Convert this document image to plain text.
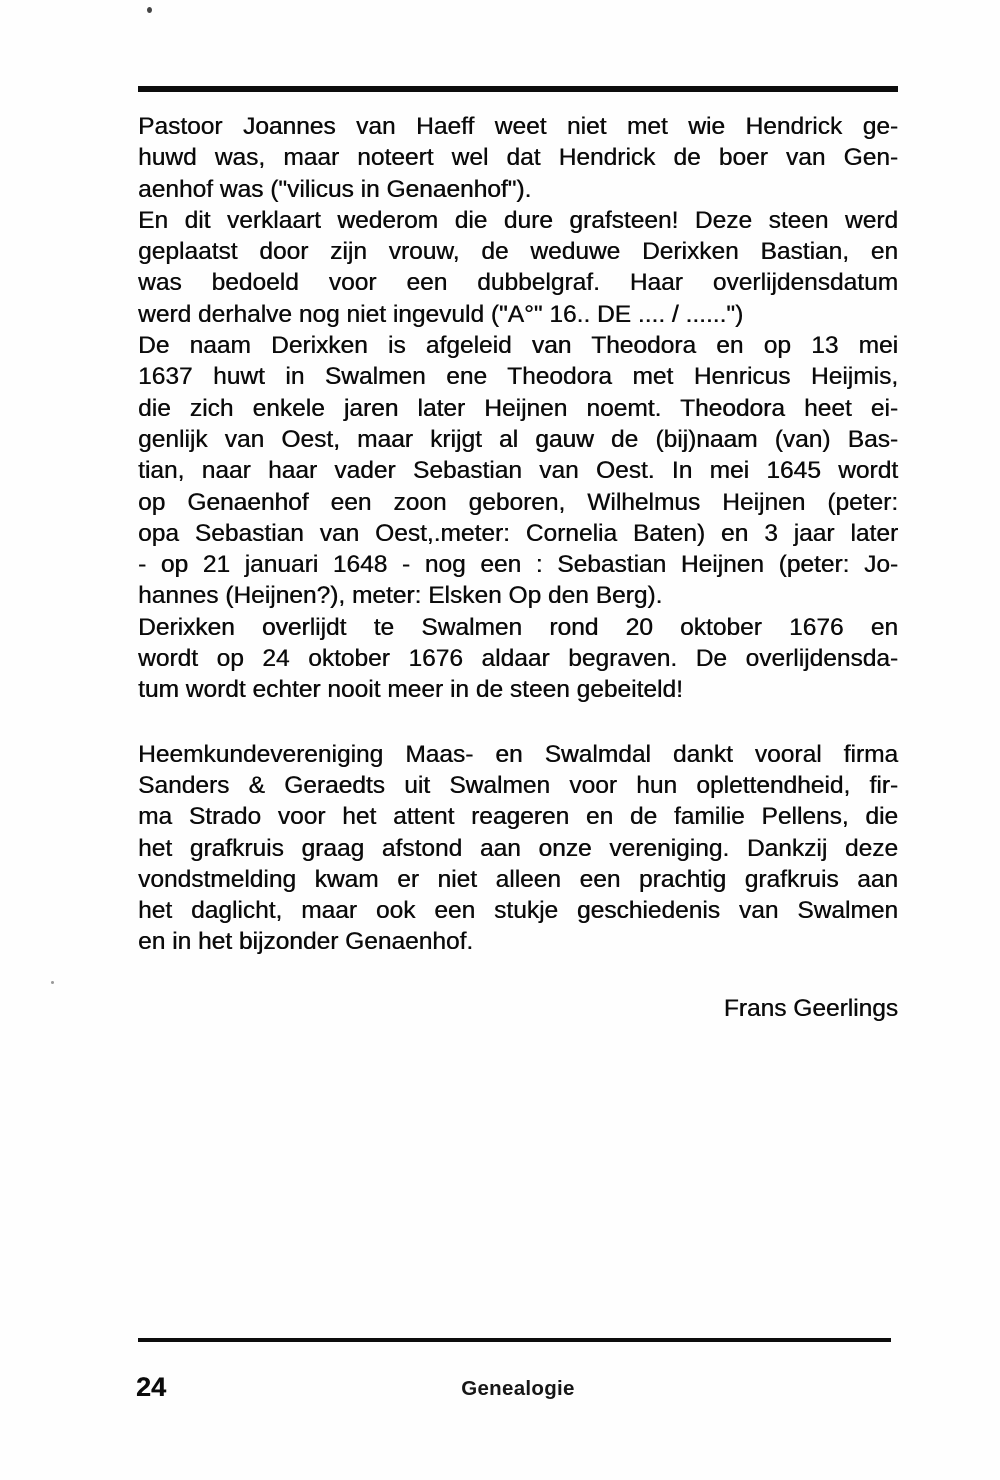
Pastoor Joannes van Haeff weet niet met wie Hendrick ge-
huwd was, maar noteert wel dat Hendrick de boer van Gen-
aenhof was ("vilicus in Genaenhof").
En dit verklaart wederom die dure grafsteen! Deze steen werd
geplaatst door zijn vrouw, de weduwe Derixken Bastian, en
was bedoeld voor een dubbelgraf. Haar overlijdensdatum
werd derhalve nog niet ingevuld ("A°" 16.. DE .... / ......")
De naam Derixken is afgeleid van Theodora en op 13 mei
1637 huwt in Swalmen ene Theodora met Henricus Heijmis,
die zich enkele jaren later Heijnen noemt. Theodora heet ei-
genlijk van Oest, maar krijgt al gauw de (bij)naam (van) Bas-
tian, naar haar vader Sebastian van Oest. In mei 1645 wordt
op Genaenhof een zoon geboren, Wilhelmus Heijnen (peter:
opa Sebastian van Oest,.meter: Cornelia Baten) en 3 jaar later
- op 21 januari 1648 - nog een : Sebastian Heijnen (peter: Jo-
hannes (Heijnen?), meter: Elsken Op den Berg).
Derixken overlijdt te Swalmen rond 20 oktober 1676 en
wordt op 24 oktober 1676 aldaar begraven. De overlijdensda-
tum wordt echter nooit meer in de steen gebeiteld!
Heemkundevereniging Maas- en Swalmdal dankt vooral firma
Sanders & Geraedts uit Swalmen voor hun oplettendheid, fir-
ma Strado voor het attent reageren en de familie Pellens, die
het grafkruis graag afstond aan onze vereniging. Dankzij deze
vondstmelding kwam er niet alleen een prachtig grafkruis aan
het daglicht, maar ook een stukje geschiedenis van Swalmen
en in het bijzonder Genaenhof.
Frans Geerlings
24	Genealogie
